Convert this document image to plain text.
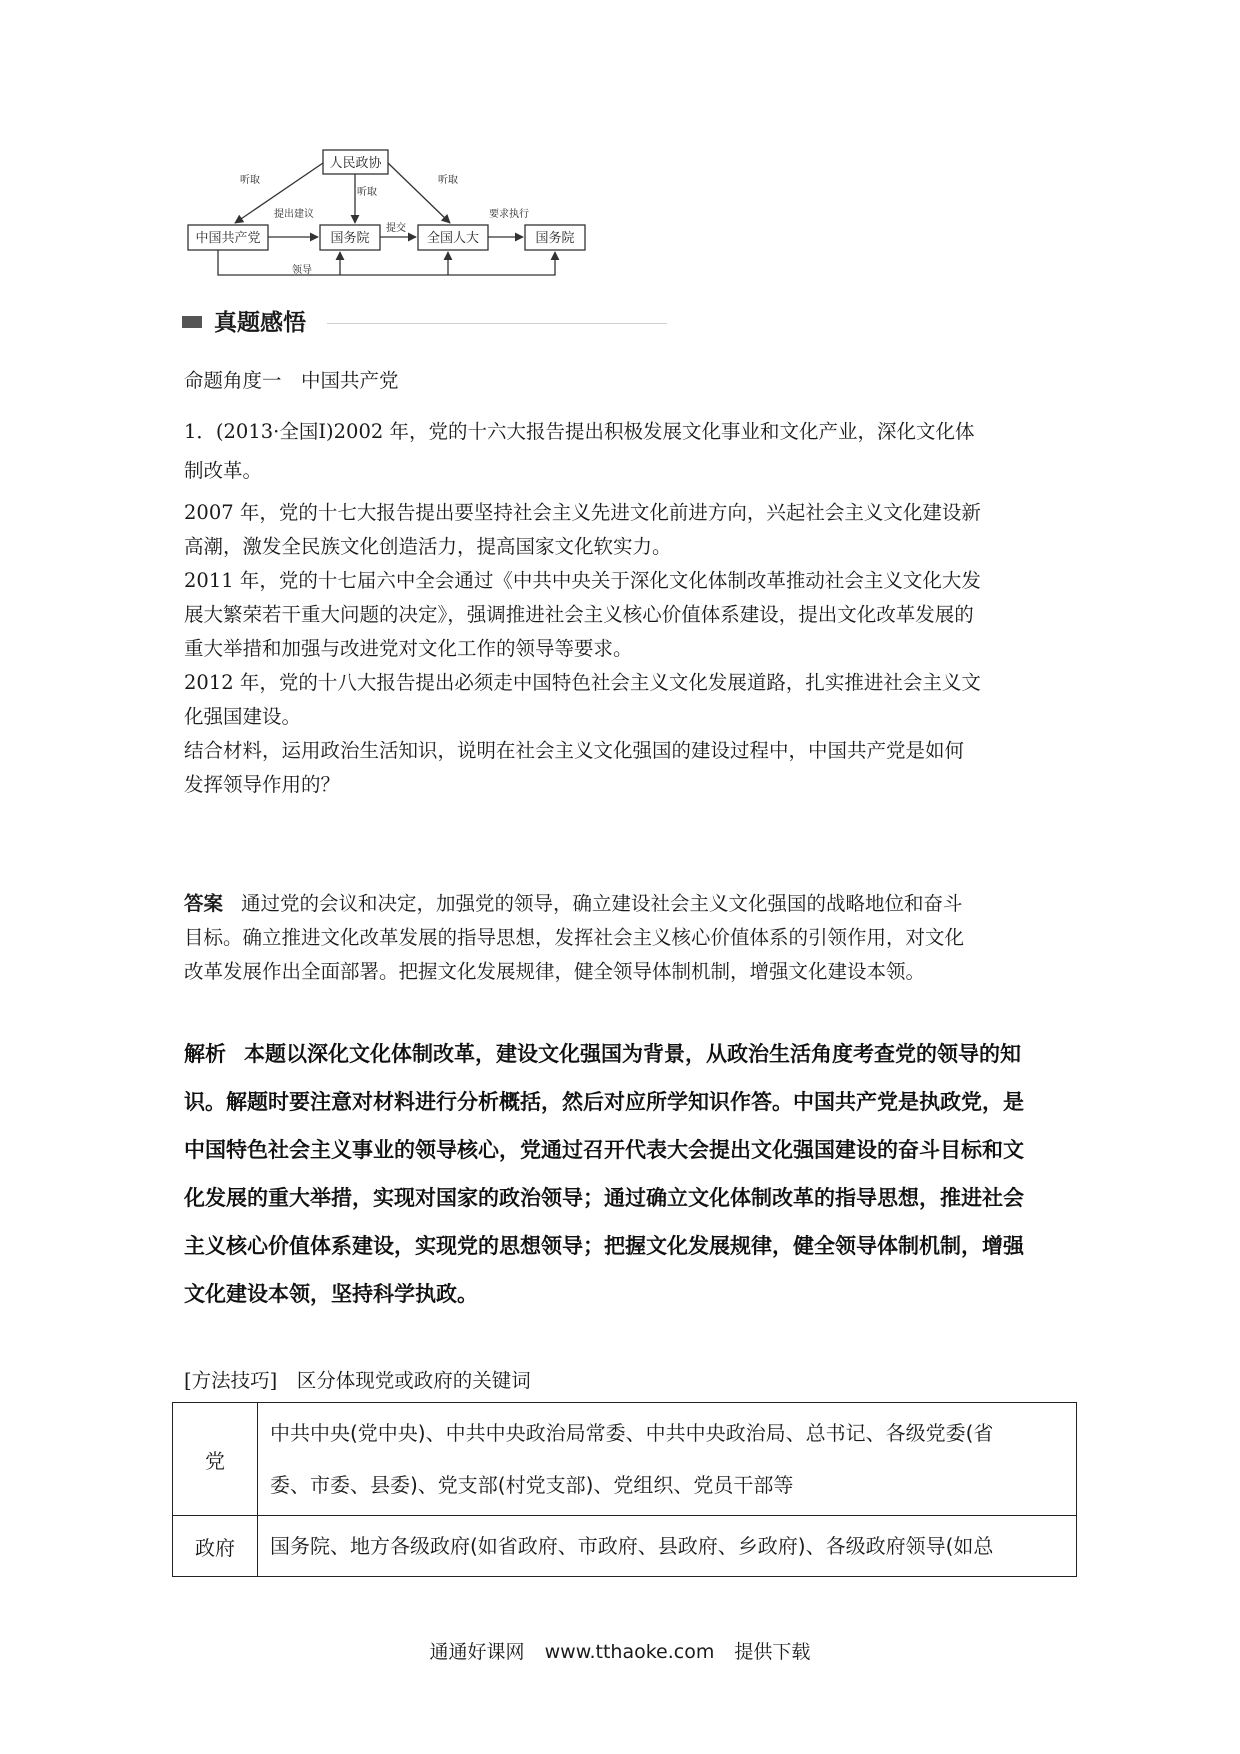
人民政协
中国共产党	国务院	全国人大	国务院
听取
听取
听取
提出建议
提交
要求执行
领导
真题感悟
命题角度一　中国共产党
1．(2013·全国Ⅰ)2002 年，党的十六大报告提出积极发展文化事业和文化产业，深化文化体
制改革。
2007 年，党的十七大报告提出要坚持社会主义先进文化前进方向，兴起社会主义文化建设新
高潮，激发全民族文化创造活力，提高国家文化软实力。
2011 年，党的十七届六中全会通过《中共中央关于深化文化体制改革推动社会主义文化大发
展大繁荣若干重大问题的决定》，强调推进社会主义核心价值体系建设，提出文化改革发展的
重大举措和加强与改进党对文化工作的领导等要求。
2012 年，党的十八大报告提出必须走中国特色社会主义文化发展道路，扎实推进社会主义文
化强国建设。
结合材料，运用政治生活知识，说明在社会主义文化强国的建设过程中，中国共产党是如何
发挥领导作用的？
答案 通过党的会议和决定，加强党的领导，确立建设社会主义文化强国的战略地位和奋斗
目标。确立推进文化改革发展的指导思想，发挥社会主义核心价值体系的引领作用，对文化
改革发展作出全面部署。把握文化发展规律，健全领导体制机制，增强文化建设本领。
解析 本题以深化文化体制改革，建设文化强国为背景，从政治生活角度考查党的领导的知
识。解题时要注意对材料进行分析概括，然后对应所学知识作答。中国共产党是执政党，是
中国特色社会主义事业的领导核心，党通过召开代表大会提出文化强国建设的奋斗目标和文
化发展的重大举措，实现对国家的政治领导；通过确立文化体制改革的指导思想，推进社会
主义核心价值体系建设，实现党的思想领导；把握文化发展规律，健全领导体制机制，增强
文化建设本领，坚持科学执政。
[方法技巧]　区分体现党或政府的关键词
党	中共中央(党中央)、中共中央政治局常委、中共中央政治局、总书记、各级党委(省
委、市委、县委)、党支部(村党支部)、党组织、党员干部等

政府	国务院、地方各级政府(如省政府、市政府、县政府、乡政府)、各级政府领导(如总
通通好课网 www.tthaoke.com 提供下载
